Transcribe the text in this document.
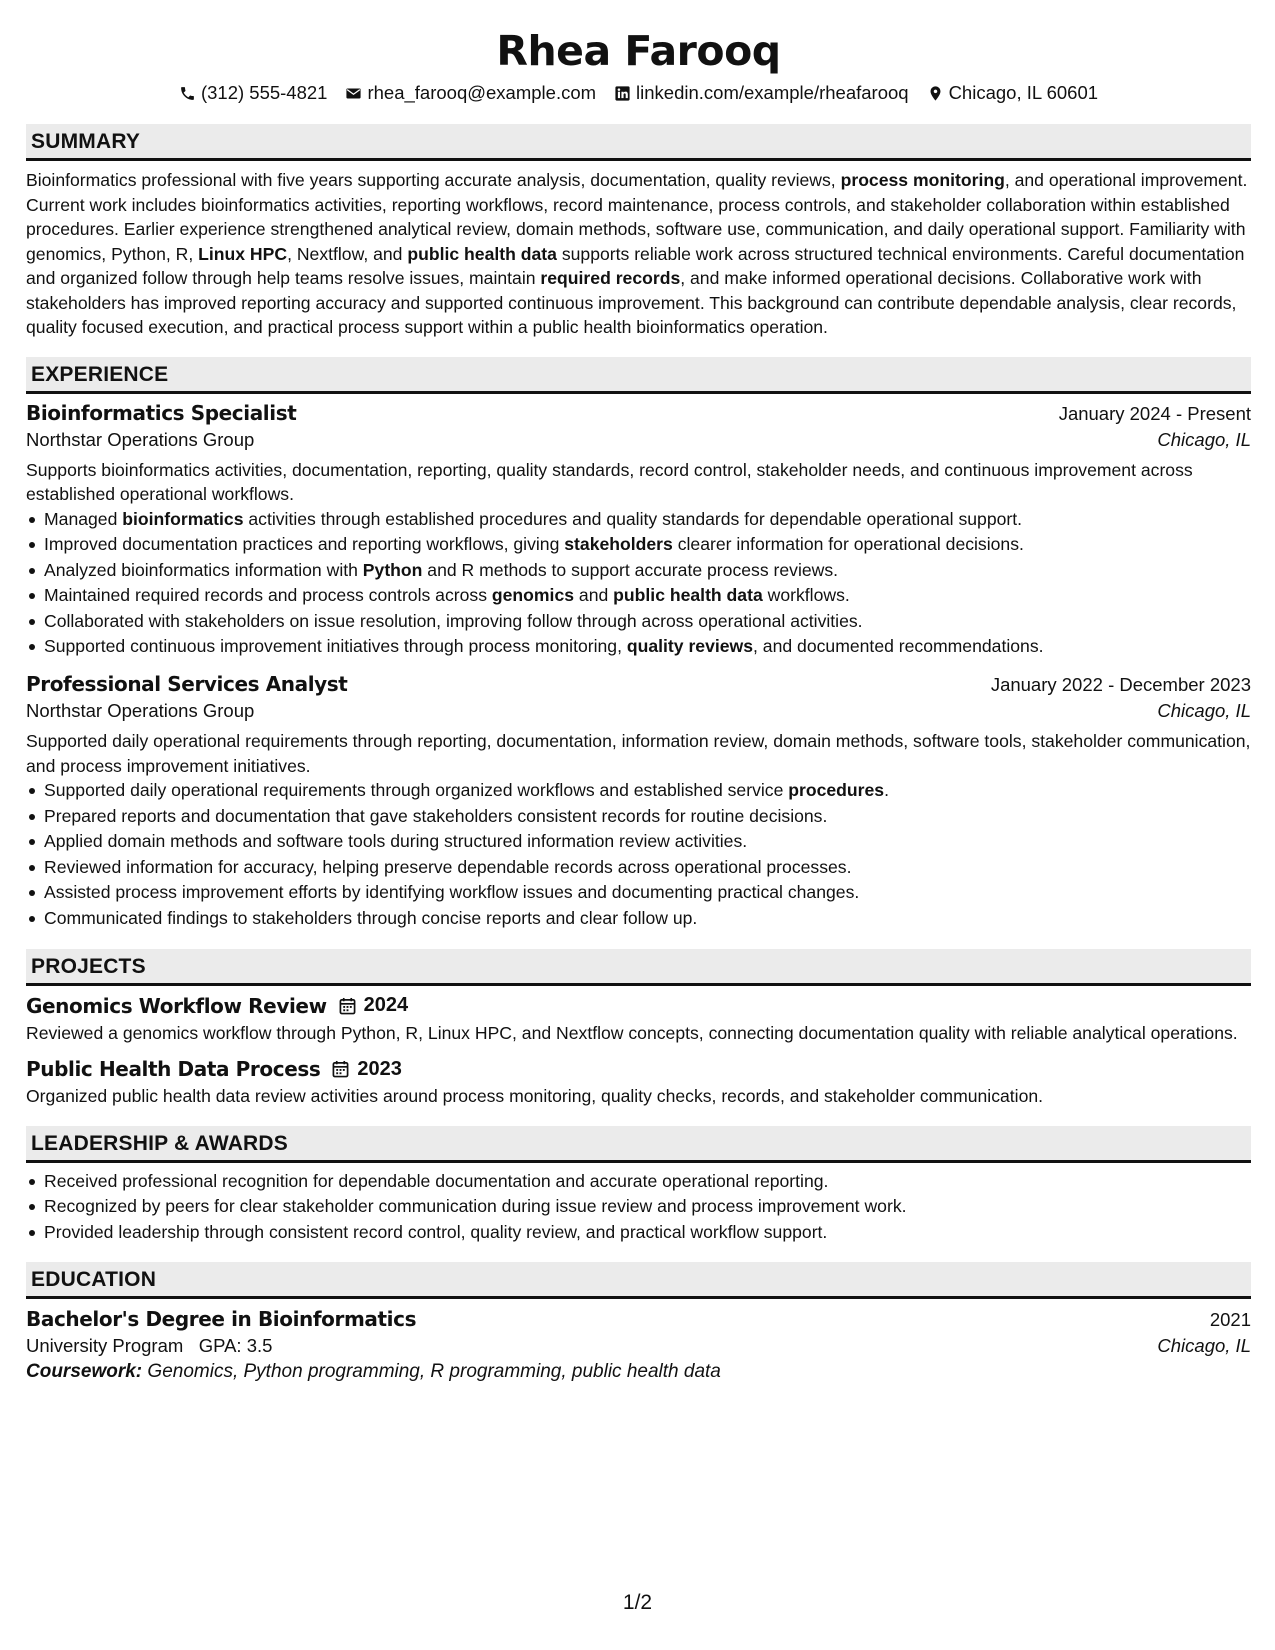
Rhea Farooq
(312) 555-4821 rhea_farooq@example.com linkedin.com/example/rheafarooq Chicago, IL 60601
SUMMARY
Bioinformatics professional with five years supporting accurate analysis, documentation, quality reviews, process monitoring, and operational improvement. Current work includes bioinformatics activities, reporting workflows, record maintenance, process controls, and stakeholder collaboration within established procedures. Earlier experience strengthened analytical review, domain methods, software use, communication, and daily operational support. Familiarity with genomics, Python, R, Linux HPC, Nextflow, and public health data supports reliable work across structured technical environments. Careful documentation and organized follow through help teams resolve issues, maintain required records, and make informed operational decisions. Collaborative work with stakeholders has improved reporting accuracy and supported continuous improvement. This background can contribute dependable analysis, clear records, quality focused execution, and practical process support within a public health bioinformatics operation.
EXPERIENCE
Bioinformatics Specialist	January 2024 - Present
Northstar Operations Group	Chicago, IL
Supports bioinformatics activities, documentation, reporting, quality standards, record control, stakeholder needs, and continuous improvement across established operational workflows.
Managed bioinformatics activities through established procedures and quality standards for dependable operational support.
Improved documentation practices and reporting workflows, giving stakeholders clearer information for operational decisions.
Analyzed bioinformatics information with Python and R methods to support accurate process reviews.
Maintained required records and process controls across genomics and public health data workflows.
Collaborated with stakeholders on issue resolution, improving follow through across operational activities.
Supported continuous improvement initiatives through process monitoring, quality reviews, and documented recommendations.
Professional Services Analyst	January 2022 - December 2023
Northstar Operations Group	Chicago, IL
Supported daily operational requirements through reporting, documentation, information review, domain methods, software tools, stakeholder communication, and process improvement initiatives.
Supported daily operational requirements through organized workflows and established service procedures.
Prepared reports and documentation that gave stakeholders consistent records for routine decisions.
Applied domain methods and software tools during structured information review activities.
Reviewed information for accuracy, helping preserve dependable records across operational processes.
Assisted process improvement efforts by identifying workflow issues and documenting practical changes.
Communicated findings to stakeholders through concise reports and clear follow up.
PROJECTS
Genomics Workflow Review 2024
Reviewed a genomics workflow through Python, R, Linux HPC, and Nextflow concepts, connecting documentation quality with reliable analytical operations.
Public Health Data Process 2023
Organized public health data review activities around process monitoring, quality checks, records, and stakeholder communication.
LEADERSHIP & AWARDS
Received professional recognition for dependable documentation and accurate operational reporting.
Recognized by peers for clear stakeholder communication during issue review and process improvement work.
Provided leadership through consistent record control, quality review, and practical workflow support.
EDUCATION
Bachelor's Degree in Bioinformatics	2021
University Program GPA: 3.5	Chicago, IL
Coursework: Genomics, Python programming, R programming, public health data
1/2
